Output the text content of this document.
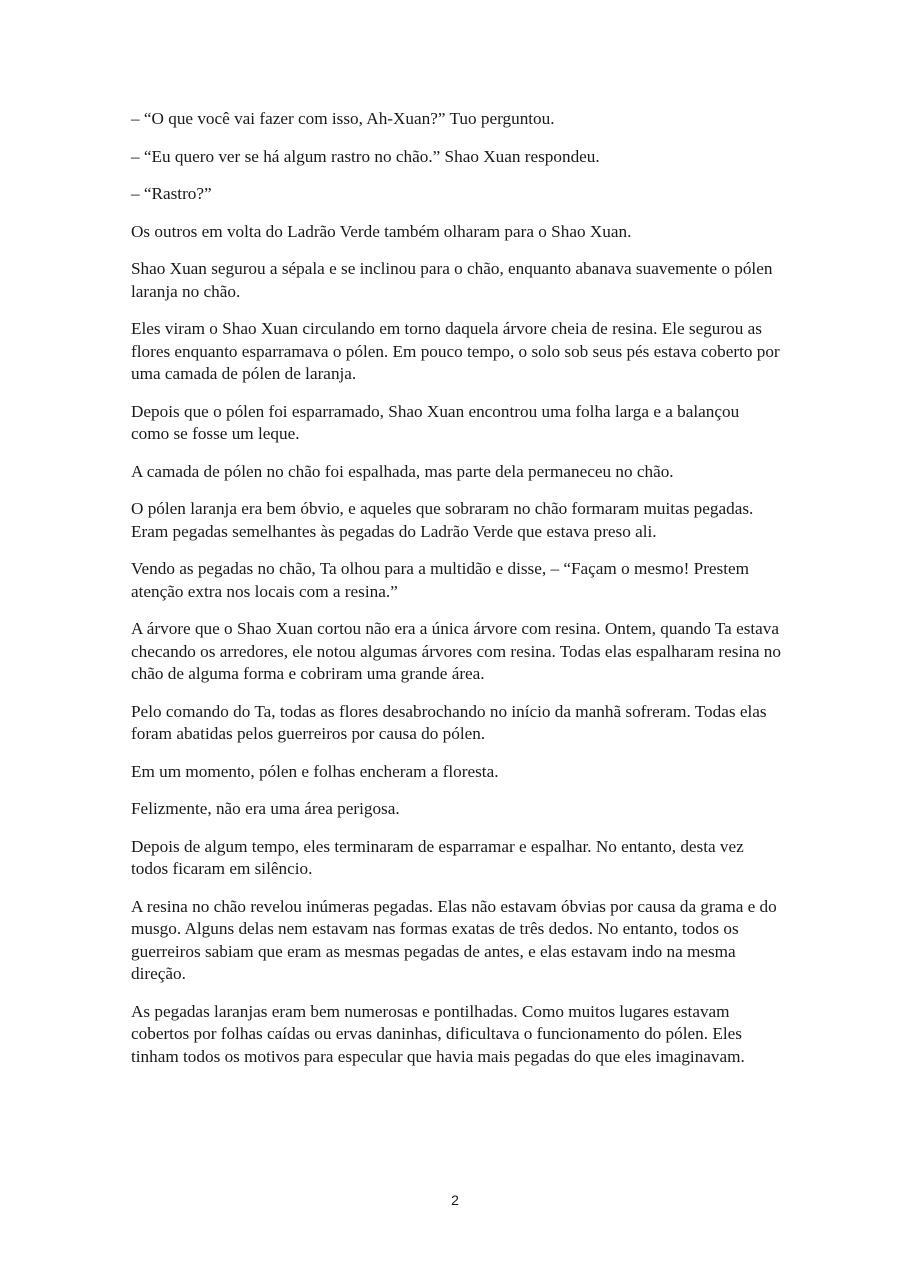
– “O que você vai fazer com isso, Ah-Xuan?” Tuo perguntou.

– “Eu quero ver se há algum rastro no chão.” Shao Xuan respondeu.

– “Rastro?”

Os outros em volta do Ladrão Verde também olharam para o Shao Xuan.

Shao Xuan segurou a sépala e se inclinou para o chão, enquanto abanava suavemente o pólen laranja no chão.

Eles viram o Shao Xuan circulando em torno daquela árvore cheia de resina. Ele segurou as flores enquanto esparramava o pólen. Em pouco tempo, o solo sob seus pés estava coberto por uma camada de pólen de laranja.

Depois que o pólen foi esparramado, Shao Xuan encontrou uma folha larga e a balançou como se fosse um leque.

A camada de pólen no chão foi espalhada, mas parte dela permaneceu no chão.

O pólen laranja era bem óbvio, e aqueles que sobraram no chão formaram muitas pegadas. Eram pegadas semelhantes às pegadas do Ladrão Verde que estava preso ali.

Vendo as pegadas no chão, Ta olhou para a multidão e disse, – “Façam o mesmo! Prestem atenção extra nos locais com a resina.”

A árvore que o Shao Xuan cortou não era a única árvore com resina. Ontem, quando Ta estava checando os arredores, ele notou algumas árvores com resina. Todas elas espalharam resina no chão de alguma forma e cobriram uma grande área.

Pelo comando do Ta, todas as flores desabrochando no início da manhã sofreram. Todas elas foram abatidas pelos guerreiros por causa do pólen.

Em um momento, pólen e folhas encheram a floresta.

Felizmente, não era uma área perigosa.

Depois de algum tempo, eles terminaram de esparramar e espalhar. No entanto, desta vez todos ficaram em silêncio.

A resina no chão revelou inúmeras pegadas. Elas não estavam óbvias por causa da grama e do musgo. Alguns delas nem estavam nas formas exatas de três dedos. No entanto, todos os guerreiros sabiam que eram as mesmas pegadas de antes, e elas estavam indo na mesma direção.

As pegadas laranjas eram bem numerosas e pontilhadas. Como muitos lugares estavam cobertos por folhas caídas ou ervas daninhas, dificultava o funcionamento do pólen. Eles tinham todos os motivos para especular que havia mais pegadas do que eles imaginavam.

2
